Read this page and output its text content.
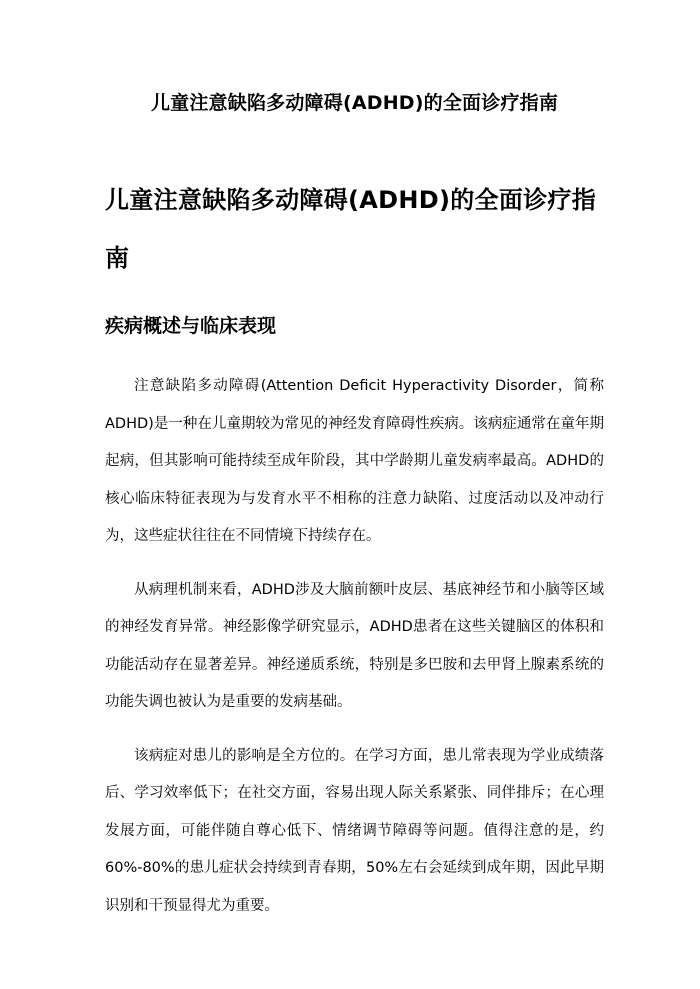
儿童注意缺陷多动障碍(ADHD)的全面诊疗指南
儿童注意缺陷多动障碍(ADHD)的全面诊疗指南
疾病概述与临床表现

注意缺陷多动障碍(Attention Deficit Hyperactivity Disorder，简称ADHD)是一种在儿童期较为常见的神经发育障碍性疾病。该病症通常在童年期起病，但其影响可能持续至成年阶段，其中学龄期儿童发病率最高。ADHD的核心临床特征表现为与发育水平不相称的注意力缺陷、过度活动以及冲动行为，这些症状往往在不同情境下持续存在。

从病理机制来看，ADHD涉及大脑前额叶皮层、基底神经节和小脑等区域的神经发育异常。神经影像学研究显示，ADHD患者在这些关键脑区的体积和功能活动存在显著差异。神经递质系统，特别是多巴胺和去甲肾上腺素系统的功能失调也被认为是重要的发病基础。

该病症对患儿的影响是全方位的。在学习方面，患儿常表现为学业成绩落后、学习效率低下；在社交方面，容易出现人际关系紧张、同伴排斥；在心理发展方面，可能伴随自尊心低下、情绪调节障碍等问题。值得注意的是，约60%-80%的患儿症状会持续到青春期，50%左右会延续到成年期，因此早期识别和干预显得尤为重要。
